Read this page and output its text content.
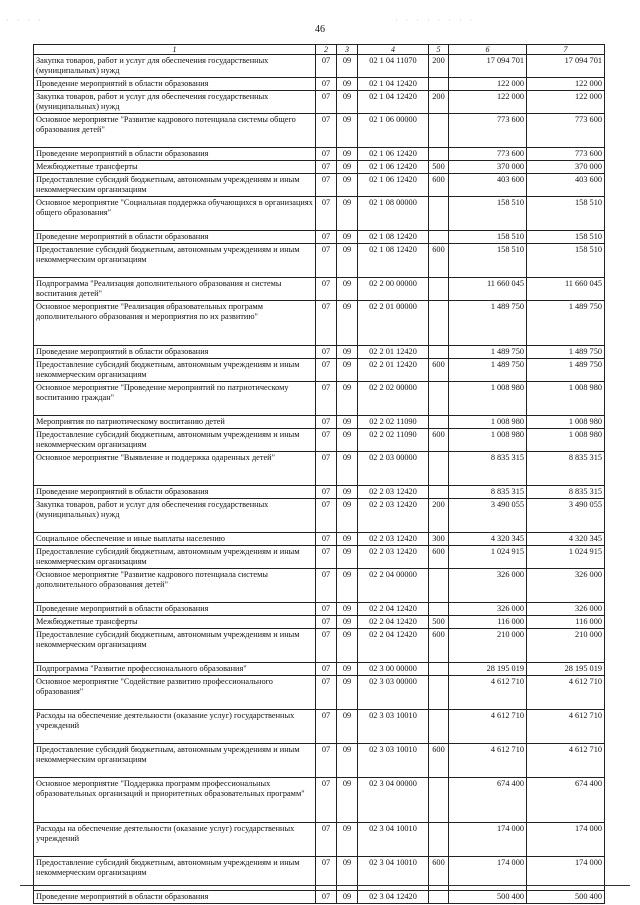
· · · ·	· · · · · · · ·
46
1	2	3	4	5	6	7
Закупка товаров, работ и услуг для обеспечения государственных (муниципальных) нужд	07	09	02 1 04 11070	200	17 094 701	17 094 701
Проведение мероприятий в области образования	07	09	02 1 04 12420		122 000	122 000
Закупка товаров, работ и услуг для обеспечения государственных (муниципальных) нужд	07	09	02 1 04 12420	200	122 000	122 000
Основное мероприятие "Развитие кадрового потенциала системы общего образования детей"	07	09	02 1 06 00000		773 600	773 600
Проведение мероприятий в области образования	07	09	02 1 06 12420		773 600	773 600
Межбюджетные трансферты	07	09	02 1 06 12420	500	370 000	370 000
Предоставление субсидий бюджетным, автономным учреждениям и иным некоммерческим организациям	07	09	02 1 06 12420	600	403 600	403 600
Основное мероприятие "Социальная поддержка обучающихся в организациях общего образования"	07	09	02 1 08 00000		158 510	158 510
Проведение мероприятий в области образования	07	09	02 1 08 12420		158 510	158 510
Предоставление субсидий бюджетным, автономным учреждениям и иным некоммерческим организациям	07	09	02 1 08 12420	600	158 510	158 510
Подпрограмма "Реализация дополнительного образования и системы воспитания детей"	07	09	02 2 00 00000		11 660 045	11 660 045
Основное мероприятие "Реализация образовательных программ дополнительного образования и мероприятия по их развитию"	07	09	02 2 01 00000		1 489 750	1 489 750
Проведение мероприятий в области образования	07	09	02 2 01 12420		1 489 750	1 489 750
Предоставление субсидий бюджетным, автономным учреждениям и иным некоммерческим организациям	07	09	02 2 01 12420	600	1 489 750	1 489 750
Основное мероприятие "Проведение мероприятий по патриотическому воспитанию граждан"	07	09	02 2 02 00000		1 008 980	1 008 980
Мероприятия по патриотическому воспитанию детей	07	09	02 2 02 11090		1 008 980	1 008 980
Предоставление субсидий бюджетным, автономным учреждениям и иным некоммерческим организациям	07	09	02 2 02 11090	600	1 008 980	1 008 980
Основное мероприятие "Выявление и поддержка одаренных детей"	07	09	02 2 03 00000		8 835 315	8 835 315
Проведение мероприятий в области образования	07	09	02 2 03 12420		8 835 315	8 835 315
Закупка товаров, работ и услуг для обеспечения государственных (муниципальных) нужд	07	09	02 2 03 12420	200	3 490 055	3 490 055
Социальное обеспечение и иные выплаты населению	07	09	02 2 03 12420	300	4 320 345	4 320 345
Предоставление субсидий бюджетным, автономным учреждениям и иным некоммерческим организациям	07	09	02 2 03 12420	600	1 024 915	1 024 915
Основное мероприятие "Развитие кадрового потенциала системы дополнительного образования детей"	07	09	02 2 04 00000		326 000	326 000
Проведение мероприятий в области образования	07	09	02 2 04 12420		326 000	326 000
Межбюджетные трансферты	07	09	02 2 04 12420	500	116 000	116 000
Предоставление субсидий бюджетным, автономным учреждениям и иным некоммерческим организациям	07	09	02 2 04 12420	600	210 000	210 000
Подпрограмма "Развитие профессионального образования"	07	09	02 3 00 00000		28 195 019	28 195 019
Основное мероприятие "Содействие развитию профессионального образования"	07	09	02 3 03 00000		4 612 710	4 612 710
Расходы на обеспечение деятельности (оказание услуг) государственных учреждений	07	09	02 3 03 10010		4 612 710	4 612 710
Предоставление субсидий бюджетным, автономным учреждениям и иным некоммерческим организациям	07	09	02 3 03 10010	600	4 612 710	4 612 710
Основное мероприятие "Поддержка программ профессиональных образовательных организаций и приоритетных образовательных программ"	07	09	02 3 04 00000		674 400	674 400
Расходы на обеспечение деятельности (оказание услуг) государственных учреждений	07	09	02 3 04 10010		174 000	174 000
Предоставление субсидий бюджетным, автономным учреждениям и иным некоммерческим организациям	07	09	02 3 04 10010	600	174 000	174 000
Проведение мероприятий в области образования	07	09	02 3 04 12420		500 400	500 400
